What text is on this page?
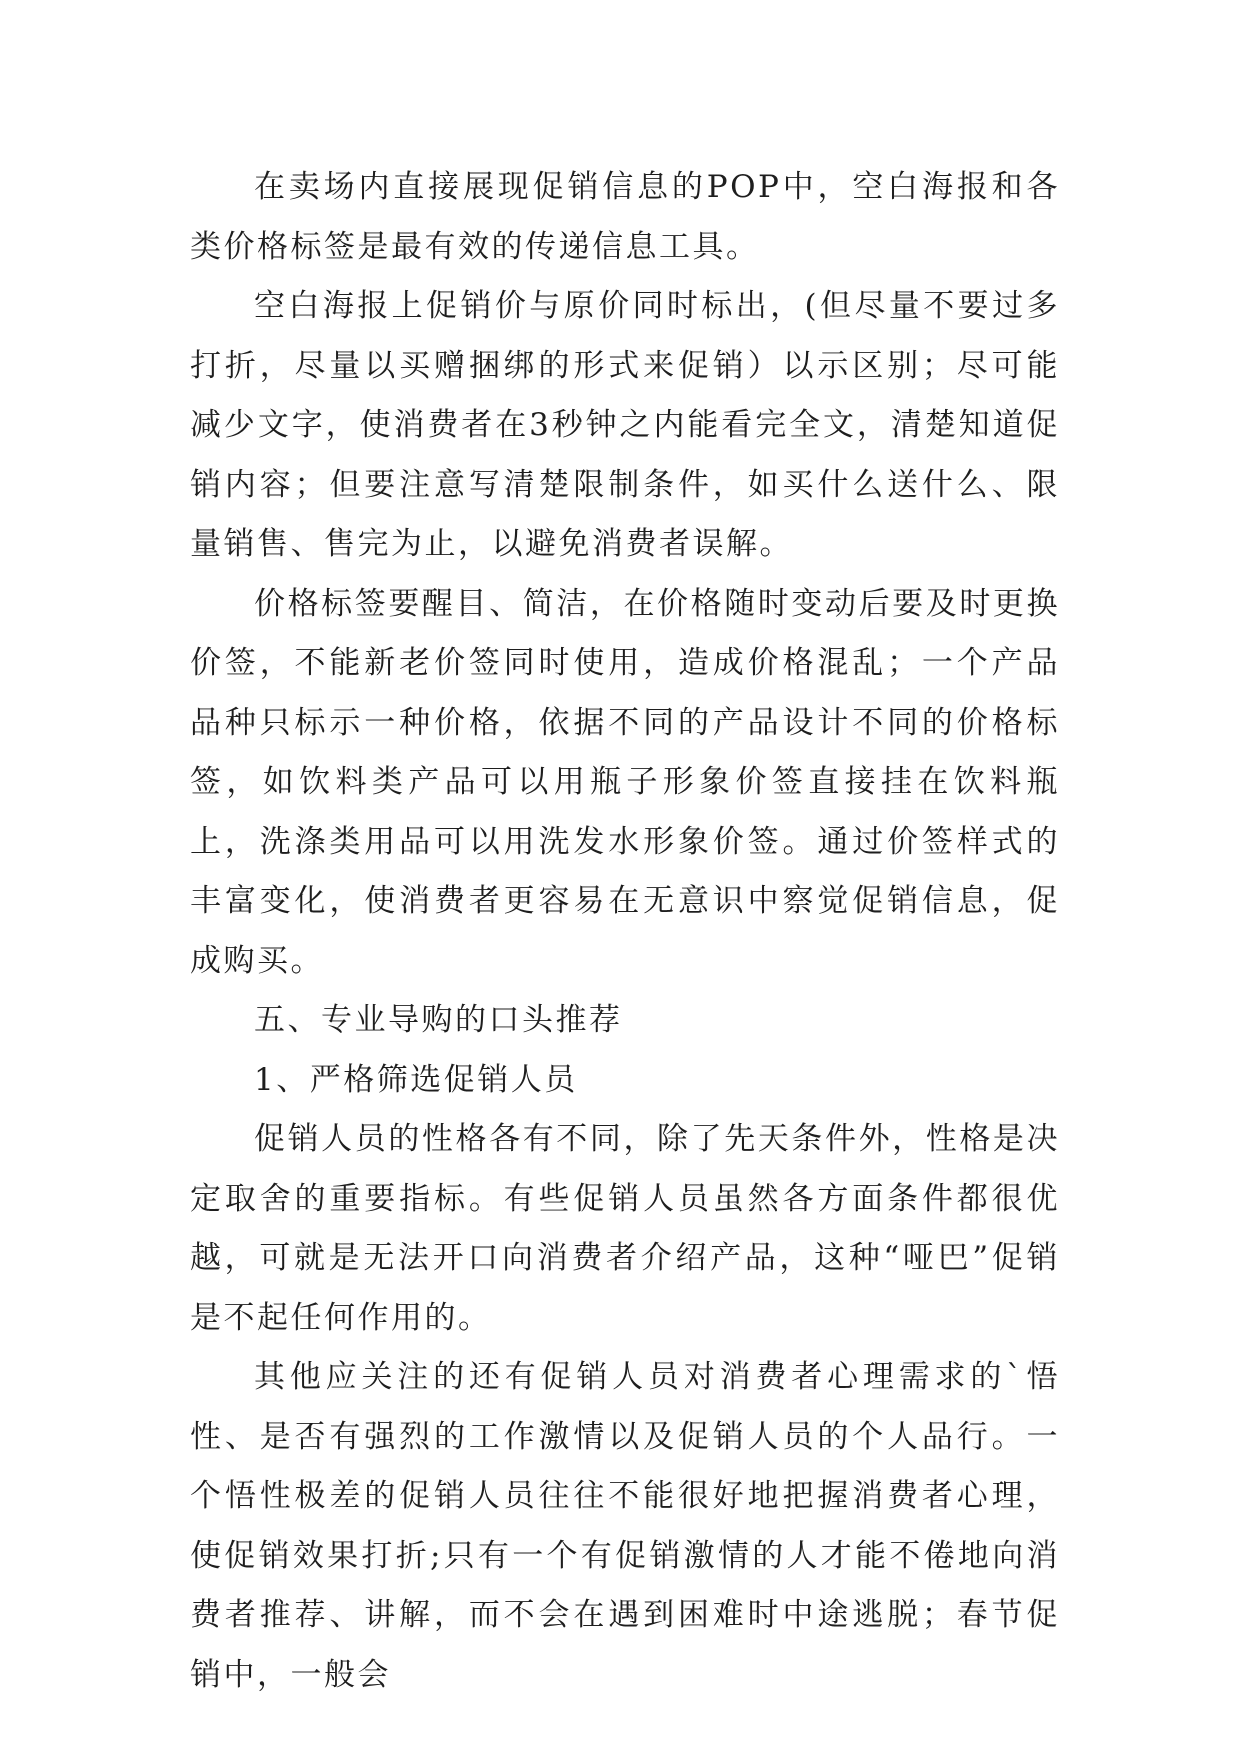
在卖场内直接展现促销信息的POP中，空白海报和各类价格标签是最有效的传递信息工具。

空白海报上促销价与原价同时标出，(但尽量不要过多打折，尽量以买赠捆绑的形式来促销）以示区别；尽可能减少文字，使消费者在3秒钟之内能看完全文，清楚知道促销内容；但要注意写清楚限制条件，如买什么送什么、限量销售、售完为止，以避免消费者误解。

价格标签要醒目、简洁，在价格随时变动后要及时更换价签，不能新老价签同时使用，造成价格混乱；一个产品品种只标示一种价格，依据不同的产品设计不同的价格标签，如饮料类产品可以用瓶子形象价签直接挂在饮料瓶上，洗涤类用品可以用洗发水形象价签。通过价签样式的丰富变化，使消费者更容易在无意识中察觉促销信息，促成购买。

五、专业导购的口头推荐

1、严格筛选促销人员

促销人员的性格各有不同，除了先天条件外，性格是决定取舍的重要指标。有些促销人员虽然各方面条件都很优越，可就是无法开口向消费者介绍产品，这种“哑巴”促销是不起任何作用的。

其他应关注的还有促销人员对消费者心理需求的`悟性、是否有强烈的工作激情以及促销人员的个人品行。一个悟性极差的促销人员往往不能很好地把握消费者心理，使促销效果打折;只有一个有促销激情的人才能不倦地向消费者推荐、讲解，而不会在遇到困难时中途逃脱；春节促销中，一般会
